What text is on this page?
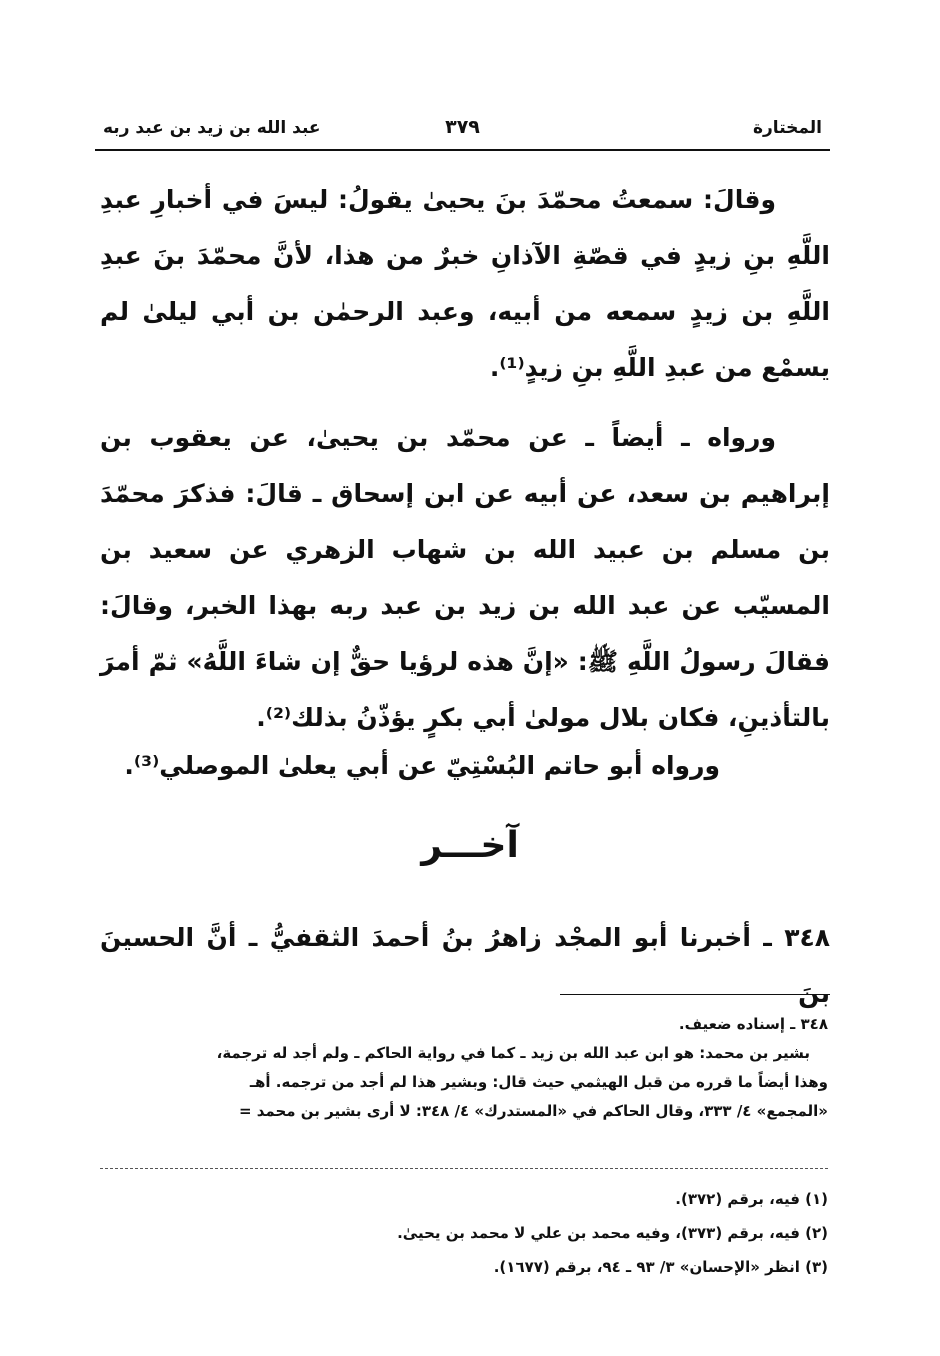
المختارة
٣٧٩
عبد الله بن زيد بن عبد ربه
وقالَ: سمعتُ محمّدَ بنَ يحيىٰ يقولُ: ليسَ في أخبارِ عبدِ اللَّهِ بنِ زيدٍ في قصّةِ الآذانِ خبرٌ من هذا، لأنَّ محمّدَ بنَ عبدِ اللَّهِ بن زيدٍ سمعه من أبيه، وعبد الرحمٰن بن أبي ليلىٰ لم يسمْع من عبدِ اللَّهِ بنِ زيدٍ⁽¹⁾.
ورواه ـ أيضاً ـ عن محمّد بن يحيىٰ، عن يعقوب بن إبراهيم بن سعد، عن أبيه عن ابن إسحاق ـ قالَ: فذكرَ محمّدَ بن مسلم بن عبيد الله بن شهاب الزهري عن سعيد بن المسيّب عن عبد الله بن زيد بن عبد ربه بهذا الخبر، وقالَ: فقالَ رسولُ اللَّهِ ﷺ: «إنَّ هذه لرؤيا حقٌّ إن شاءَ اللَّهُ» ثمّ أمرَ بالتأذينِ، فكان بلال مولىٰ أبي بكرٍ يؤذّنُ بذلك⁽²⁾.
ورواه أبو حاتم البُسْتِيّ عن أبي يعلىٰ الموصلي⁽³⁾.
آخـــر
٣٤٨ ـ أخبرنا أبو المجْد زاهرُ بنُ أحمدَ الثقفيُّ ـ أنَّ الحسينَ بنَ
٣٤٨ ـ إسناده ضعيف.
بشير بن محمد: هو ابن عبد الله بن زيد ـ كما في رواية الحاكم ـ ولم أجد له ترجمة،
وهذا أيضاً ما قرره من قبل الهيثمي حيث قال: وبشير هذا لم أجد من ترجمه. أهـ
«المجمع» ٤/ ٣٣٣، وقال الحاكم في «المستدرك» ٤/ ٣٤٨: لا أرى بشير بن محمد =
(١) فيه، برقم (٣٧٢).
(٢) فيه، برقم (٣٧٣)، وفيه محمد بن علي لا محمد بن يحيىٰ.
(٣) انظر «الإحسان» ٣/ ٩٣ ـ ٩٤، برقم (١٦٧٧).
